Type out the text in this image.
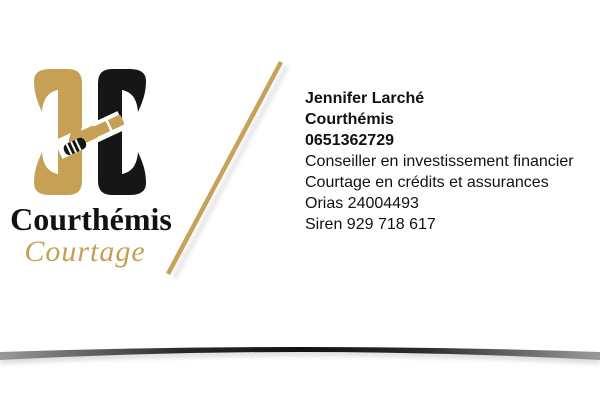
Courthémis
Courtage
Jennifer Larché
Courthémis
0651362729
Conseiller en investissement financier
Courtage en crédits et assurances
Orias 24004493
Siren 929 718 617
